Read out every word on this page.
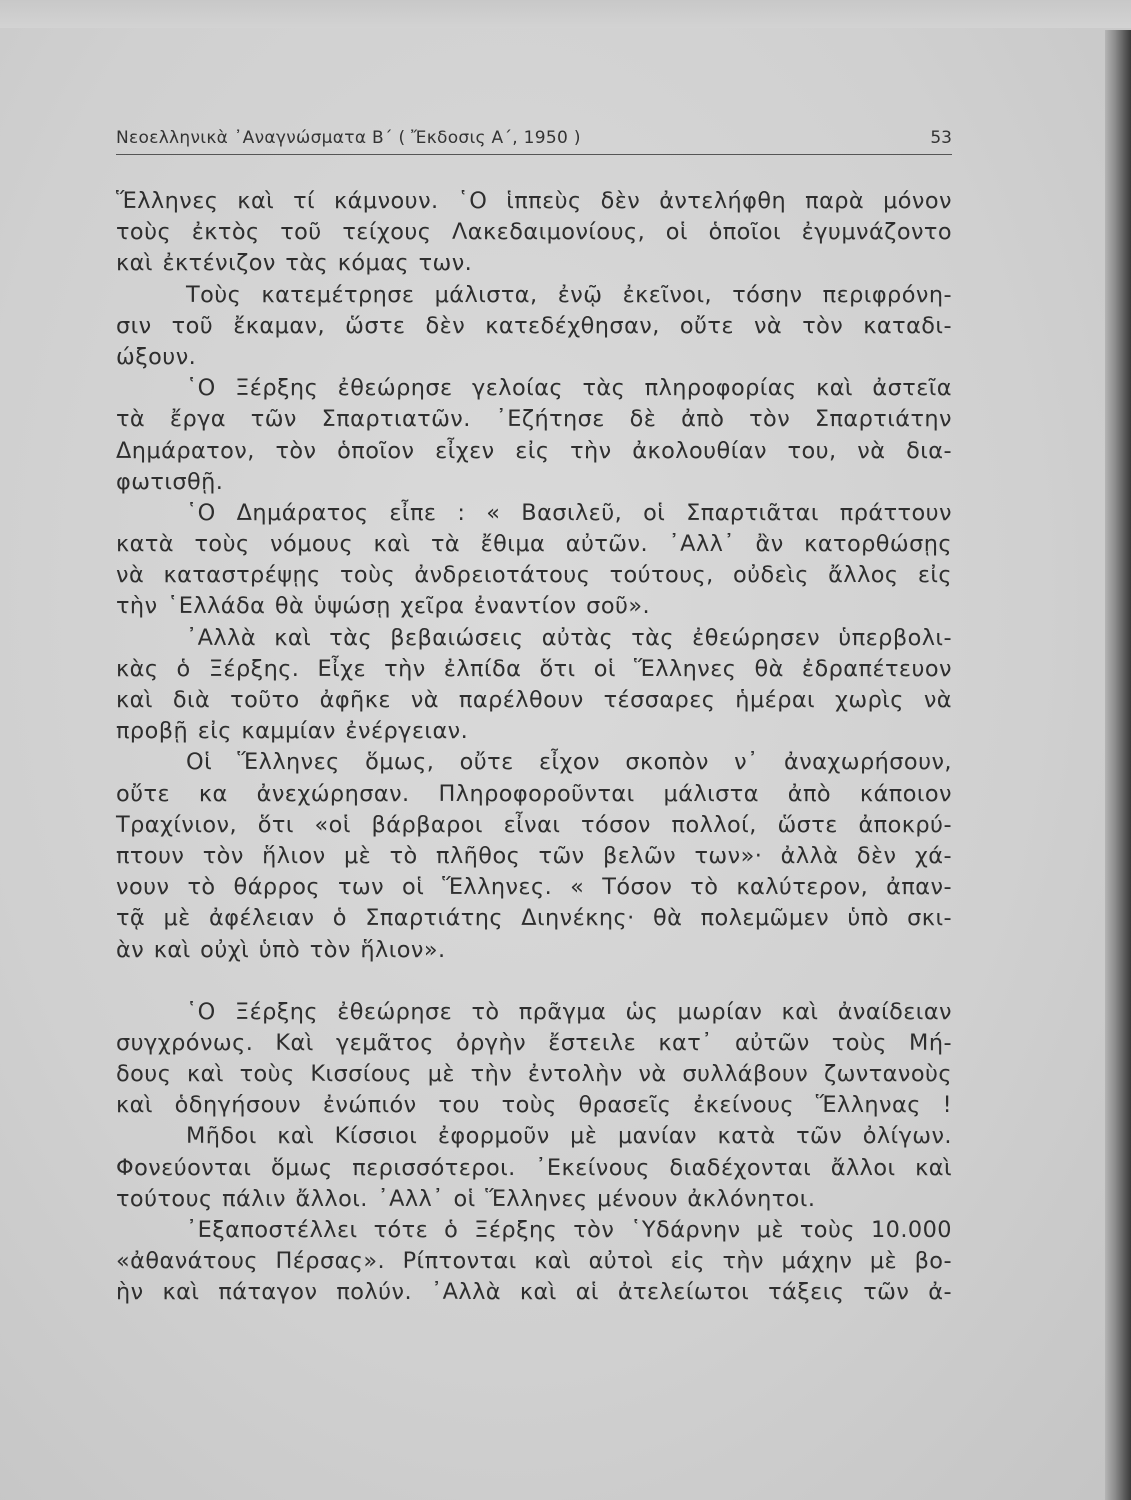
Νεοελληνικὰ ᾿Αναγνώσματα Β΄ ( Ἔκδοσις Α΄, 1950 )	53
Ἕλληνες καὶ τί κάμνουν. ῾Ο ἱππεὺς δὲν ἀντελήφθη παρὰ μόνον
τοὺς ἐκτὸς τοῦ τείχους Λακεδαιμονίους, οἱ ὁποῖοι ἐγυμνάζοντο
καὶ ἐκτένιζον τὰς κόμας των.
Τοὺς κατεμέτρησε μάλιστα, ἐνῷ ἐκεῖνοι, τόσην περιφρόνη-
σιν τοῦ ἔκαμαν, ὥστε δὲν κατεδέχθησαν, οὔτε νὰ τὸν καταδι-
ώξουν.
῾Ο Ξέρξης ἐθεώρησε γελοίας τὰς πληροφορίας καὶ ἀστεῖα
τὰ ἔργα τῶν Σπαρτιατῶν. ᾿Εζήτησε δὲ ἀπὸ τὸν Σπαρτιάτην
Δημάρατον, τὸν ὁποῖον εἶχεν εἰς τὴν ἀκολουθίαν του, νὰ δια-
φωτισθῇ.
῾Ο Δημάρατος εἶπε : « Βασιλεῦ, οἱ Σπαρτιᾶται πράττουν
κατὰ τοὺς νόμους καὶ τὰ ἔθιμα αὐτῶν. ᾿Αλλ᾿ ἂν κατορθώσῃς
νὰ καταστρέψῃς τοὺς ἀνδρειοτάτους τούτους, οὐδεὶς ἄλλος εἰς
τὴν ῾Ελλάδα θὰ ὑψώσῃ χεῖρα ἐναντίον σοῦ».
᾿Αλλὰ καὶ τὰς βεβαιώσεις αὐτὰς τὰς ἐθεώρησεν ὑπερβολι-
κὰς ὁ Ξέρξης. Εἶχε τὴν ἐλπίδα ὅτι οἱ Ἕλληνες θὰ ἐδραπέτευον
καὶ διὰ τοῦτο ἀφῆκε νὰ παρέλθουν τέσσαρες ἡμέραι χωρὶς νὰ
προβῇ εἰς καμμίαν ἐνέργειαν.
Οἱ Ἕλληνες ὅμως, οὔτε εἶχον σκοπὸν ν᾿ ἀναχωρήσουν,
οὔτε κα ἀνεχώρησαν. Πληροφοροῦνται μάλιστα ἀπὸ κάποιον
Τραχίνιον, ὅτι «οἱ βάρβαροι εἶναι τόσον πολλοί, ὥστε ἀποκρύ-
πτουν τὸν ἥλιον μὲ τὸ πλῆθος τῶν βελῶν των»· ἀλλὰ δὲν χά-
νουν τὸ θάρρος των οἱ Ἕλληνες. « Τόσον τὸ καλύτερον, ἀπαν-
τᾷ μὲ ἀφέλειαν ὁ Σπαρτιάτης Διηνέκης· θὰ πολεμῶμεν ὑπὸ σκι-
ὰν καὶ οὐχὶ ὑπὸ τὸν ἥλιον».
῾Ο Ξέρξης ἐθεώρησε τὸ πρᾶγμα ὡς μωρίαν καὶ ἀναίδειαν
συγχρόνως. Καὶ γεμᾶτος ὀργὴν ἔστειλε κατ᾿ αὐτῶν τοὺς Μή-
δους καὶ τοὺς Κισσίους μὲ τὴν ἐντολὴν νὰ συλλάβουν ζωντανοὺς
καὶ ὁδηγήσουν ἐνώπιόν του τοὺς θρασεῖς ἐκείνους Ἕλληνας !
Μῆδοι καὶ Κίσσιοι ἐφορμοῦν μὲ μανίαν κατὰ τῶν ὀλίγων.
Φονεύονται ὅμως περισσότεροι. ᾿Εκείνους διαδέχονται ἄλλοι καὶ
τούτους πάλιν ἄλλοι. ᾿Αλλ᾿ οἱ Ἕλληνες μένουν ἀκλόνητοι.
᾿Εξαποστέλλει τότε ὁ Ξέρξης τὸν ῾Υδάρνην μὲ τοὺς 10.000
«ἀθανάτους Πέρσας». Ρίπτονται καὶ αὐτοὶ εἰς τὴν μάχην μὲ βο-
ὴν καὶ πάταγον πολύν. ᾿Αλλὰ καὶ αἱ ἀτελείωτοι τάξεις τῶν ἀ-
